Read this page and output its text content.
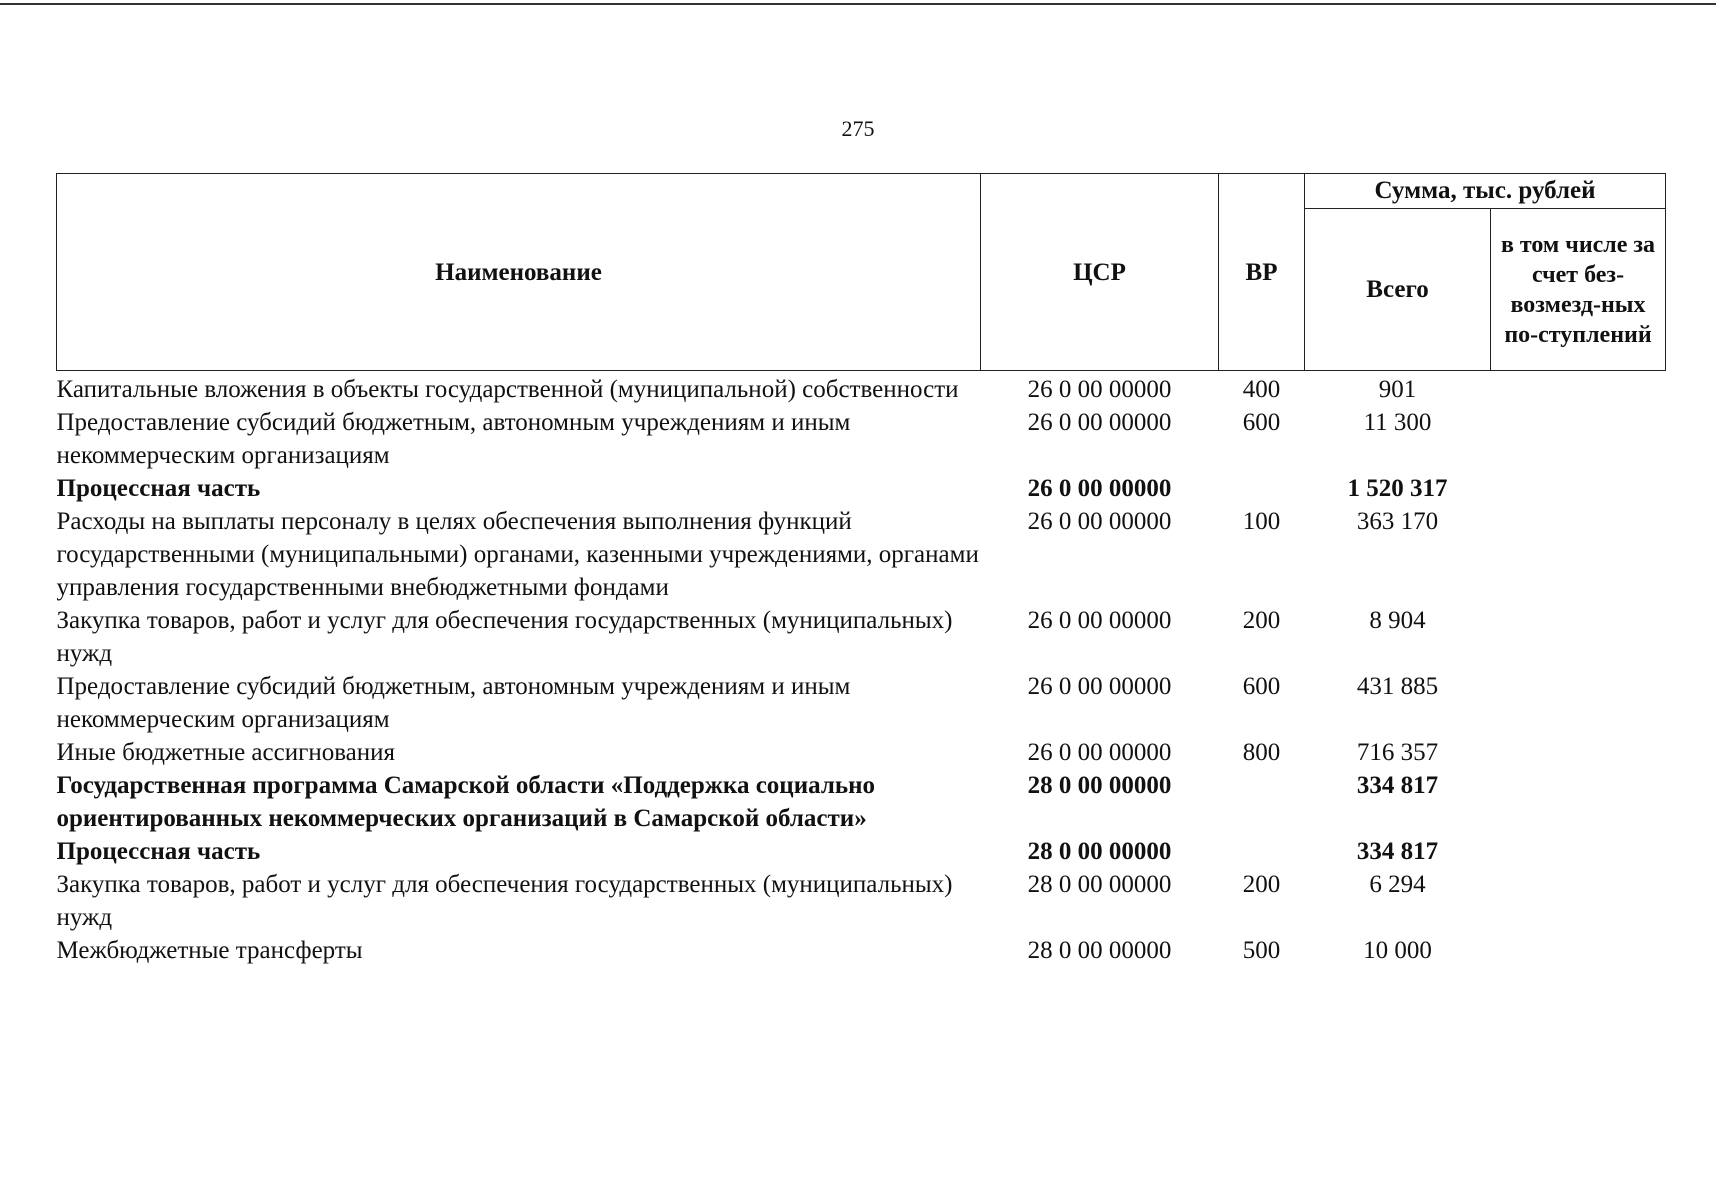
275
Наименование	ЦСР	ВР	Сумма, тыс. рублей	
			Всего	в том числе за счет без-возмезд-ных по-ступлений
Капитальные вложения в объекты государственной (муниципальной) собственности	26 0 00 00000	400	901	
Предоставление субсидий бюджетным, автономным учреждениям и иным некоммерческим организациям	26 0 00 00000	600	11 300	
Процессная часть	26 0 00 00000		1 520 317	
Расходы на выплаты персоналу в целях обеспечения выполнения функций государственными (муниципальными) органами, казенными учреждениями, органами управления государственными внебюджетными фондами	26 0 00 00000	100	363 170	
Закупка товаров, работ и услуг для обеспечения государственных (муниципальных) нужд	26 0 00 00000	200	8 904	
Предоставление субсидий бюджетным, автономным учреждениям и иным некоммерческим организациям	26 0 00 00000	600	431 885	
Иные бюджетные ассигнования	26 0 00 00000	800	716 357	
Государственная программа Самарской области «Поддержка социально ориентированных некоммерческих организаций в Самарской области»	28 0 00 00000		334 817	
Процессная часть	28 0 00 00000		334 817	
Закупка товаров, работ и услуг для обеспечения государственных (муниципальных) нужд	28 0 00 00000	200	6 294	
Межбюджетные трансферты	28 0 00 00000	500	10 000	
